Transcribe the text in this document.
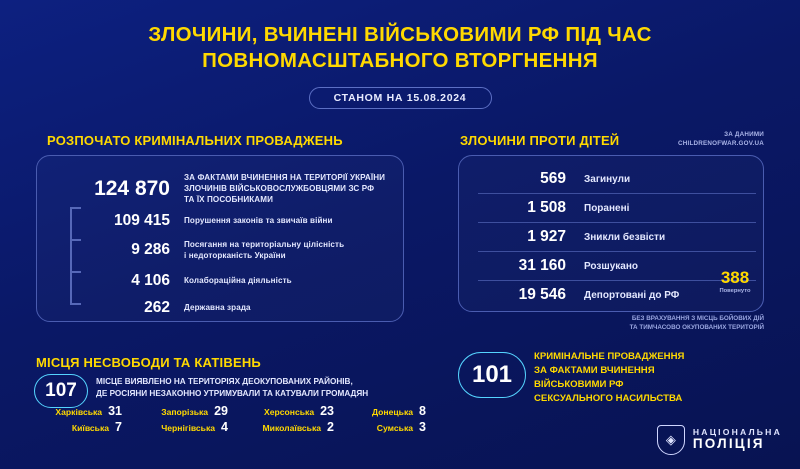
ЗЛОЧИНИ, ВЧИНЕНІ ВІЙСЬКОВИМИ РФ ПІД ЧАС
ПОВНОМАСШТАБНОГО ВТОРГНЕННЯ
СТАНОМ НА 15.08.2024
РОЗПОЧАТО КРИМІНАЛЬНИХ ПРОВАДЖЕНЬ
124 870 ЗА ФАКТАМИ ВЧИНЕННЯ НА ТЕРИТОРІЇ УКРАЇНИ
ЗЛОЧИНІВ ВІЙСЬКОВОСЛУЖБОВЦЯМИ ЗС РФ
ТА ЇХ ПОСОБНИКАМИ
109 415 Порушення законів та звичаїв війни
9 286 Посягання на територіальну цілісність
і недоторканість України
4 106 Колабораційна діяльність
262 Державна зрада
ЗЛОЧИНИ ПРОТИ ДІТЕЙ	ЗА ДАНИМИ
CHILDRENOFWAR.GOV.UA
569 Загинули
1 508 Поранені
1 927 Зникли безвісти
31 160 Розшукано
19 546 Депортовані до РФ
388
Повернуто
БЕЗ ВРАХУВАННЯ З МІСЦЬ БОЙОВИХ ДІЙ
ТА ТИМЧАСОВО ОКУПОВАНИХ ТЕРИТОРІЙ
МІСЦЯ НЕСВОБОДИ ТА КАТІВЕНЬ
107	МІСЦЕ ВИЯВЛЕНО НА ТЕРИТОРІЯХ ДЕОКУПОВАНИХ РАЙОНІВ,
ДЕ РОСІЯНИ НЕЗАКОННО УТРИМУВАЛИ ТА КАТУВАЛИ ГРОМАДЯН
Харківська 31	Запорізька 29	Херсонська 23	Донецька 8
Київська 7	Чернігівська 4	Миколаївська 2	Сумська 3
101
КРИМІНАЛЬНЕ ПРОВАДЖЕННЯ
ЗА ФАКТАМИ ВЧИНЕННЯ
ВІЙСЬКОВИМИ РФ
СЕКСУАЛЬНОГО НАСИЛЬСТВА
◈ НАЦІОНАЛЬНА
ПОЛІЦІЯ
